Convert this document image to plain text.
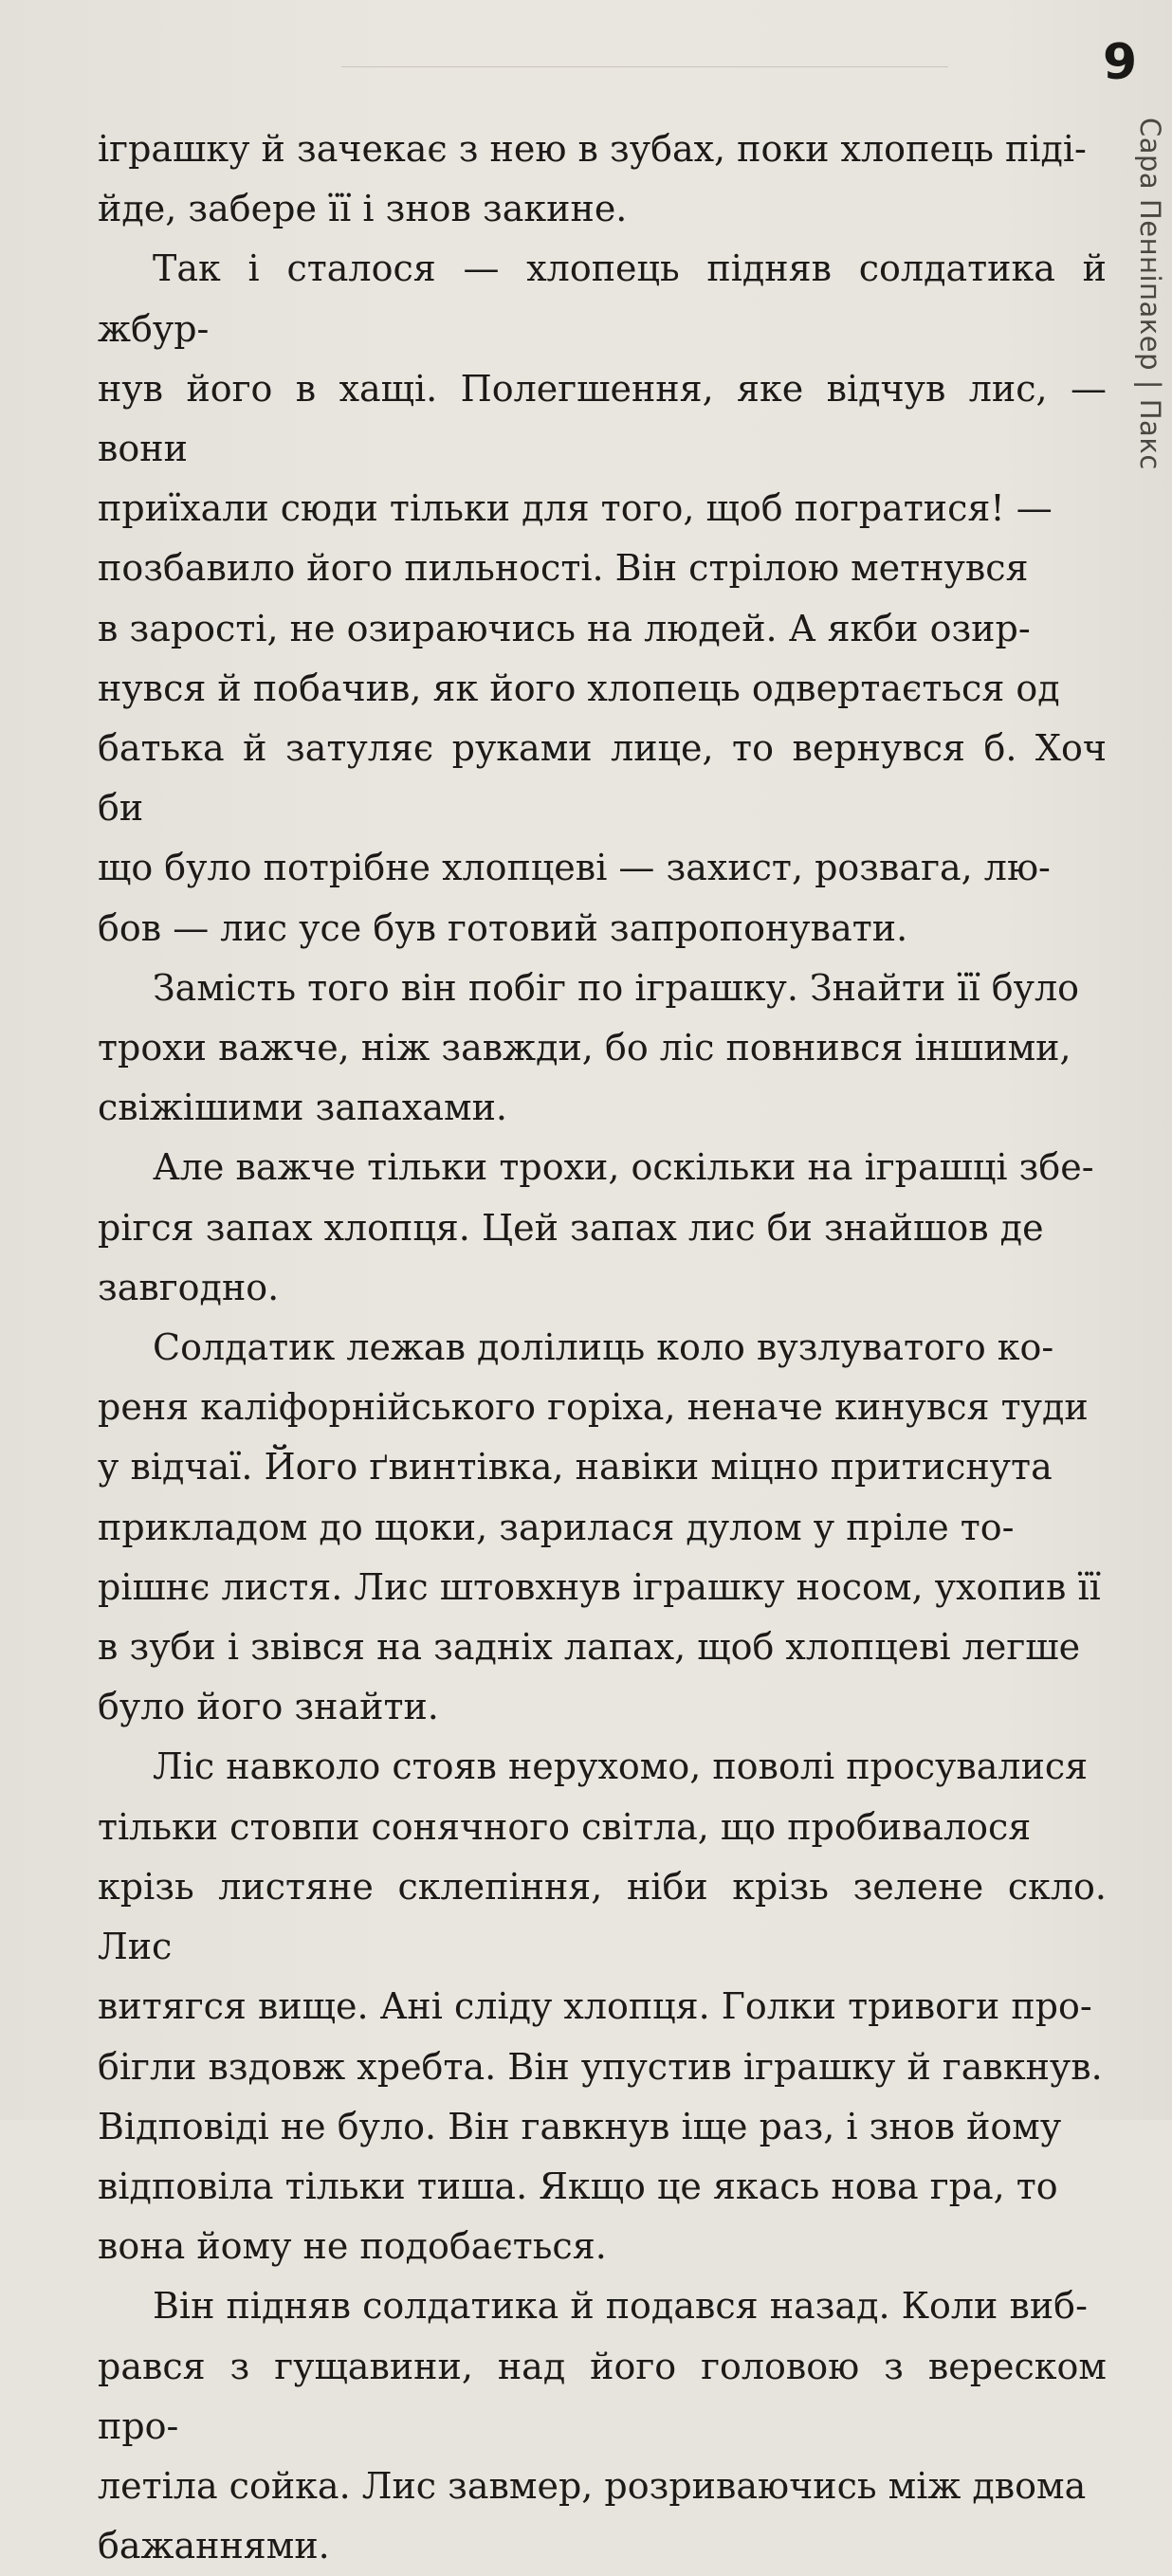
9
Сара Пеннiпакер | Пакс

іграшку й зачекає з нею в зубах, поки хлопець піді-
йде, забере її і знов закине.

Так і сталося — хлопець підняв солдатика й жбур-
нув його в хащі. Полегшення, яке відчув лис, — вони
приїхали сюди тільки для того, щоб погратися! —
позбавило його пильності. Він стрілою метнувся
в зарості, не озираючись на людей. А якби озир-
нувся й побачив, як його хлопець одвертається од
батька й затуляє руками лице, то вернувся б. Хоч би
що було потрібне хлопцеві — захист, розвага, лю-
бов — лис усе був готовий запропонувати.

Замість того він побіг по іграшку. Знайти її було
трохи важче, ніж завжди, бо ліс повнився іншими,
свіжішими запахами.

Але важче тільки трохи, оскільки на іграшці збе-
рігся запах хлопця. Цей запах лис би знайшов де
завгодно.

Солдатик лежав долілиць коло вузлуватого ко-
реня каліфорнійського горіха, неначе кинувся туди
у відчаї. Його ґвинтівка, навіки міцно притиснута
прикладом до щоки, зарилася дулом у пріле то-
рішнє листя. Лис штовхнув іграшку носом, ухопив її
в зуби і звівся на задніх лапах, щоб хлопцеві легше
було його знайти.

Ліс навколо стояв нерухомо, поволі просувалися
тільки стовпи сонячного світла, що пробивалося
крізь листяне склепіння, ніби крізь зелене скло. Лис
витягся вище. Ані сліду хлопця. Голки тривоги про-
бігли вздовж хребта. Він упустив іграшку й гавкнув.
Відповіді не було. Він гавкнув іще раз, і знов йому
відповіла тільки тиша. Якщо це якась нова гра, то
вона йому не подобається.

Він підняв солдатика й подався назад. Коли виб-
рався з гущавини, над його головою з вереском про-
летіла сойка. Лис завмер, розриваючись між двома
бажаннями.
